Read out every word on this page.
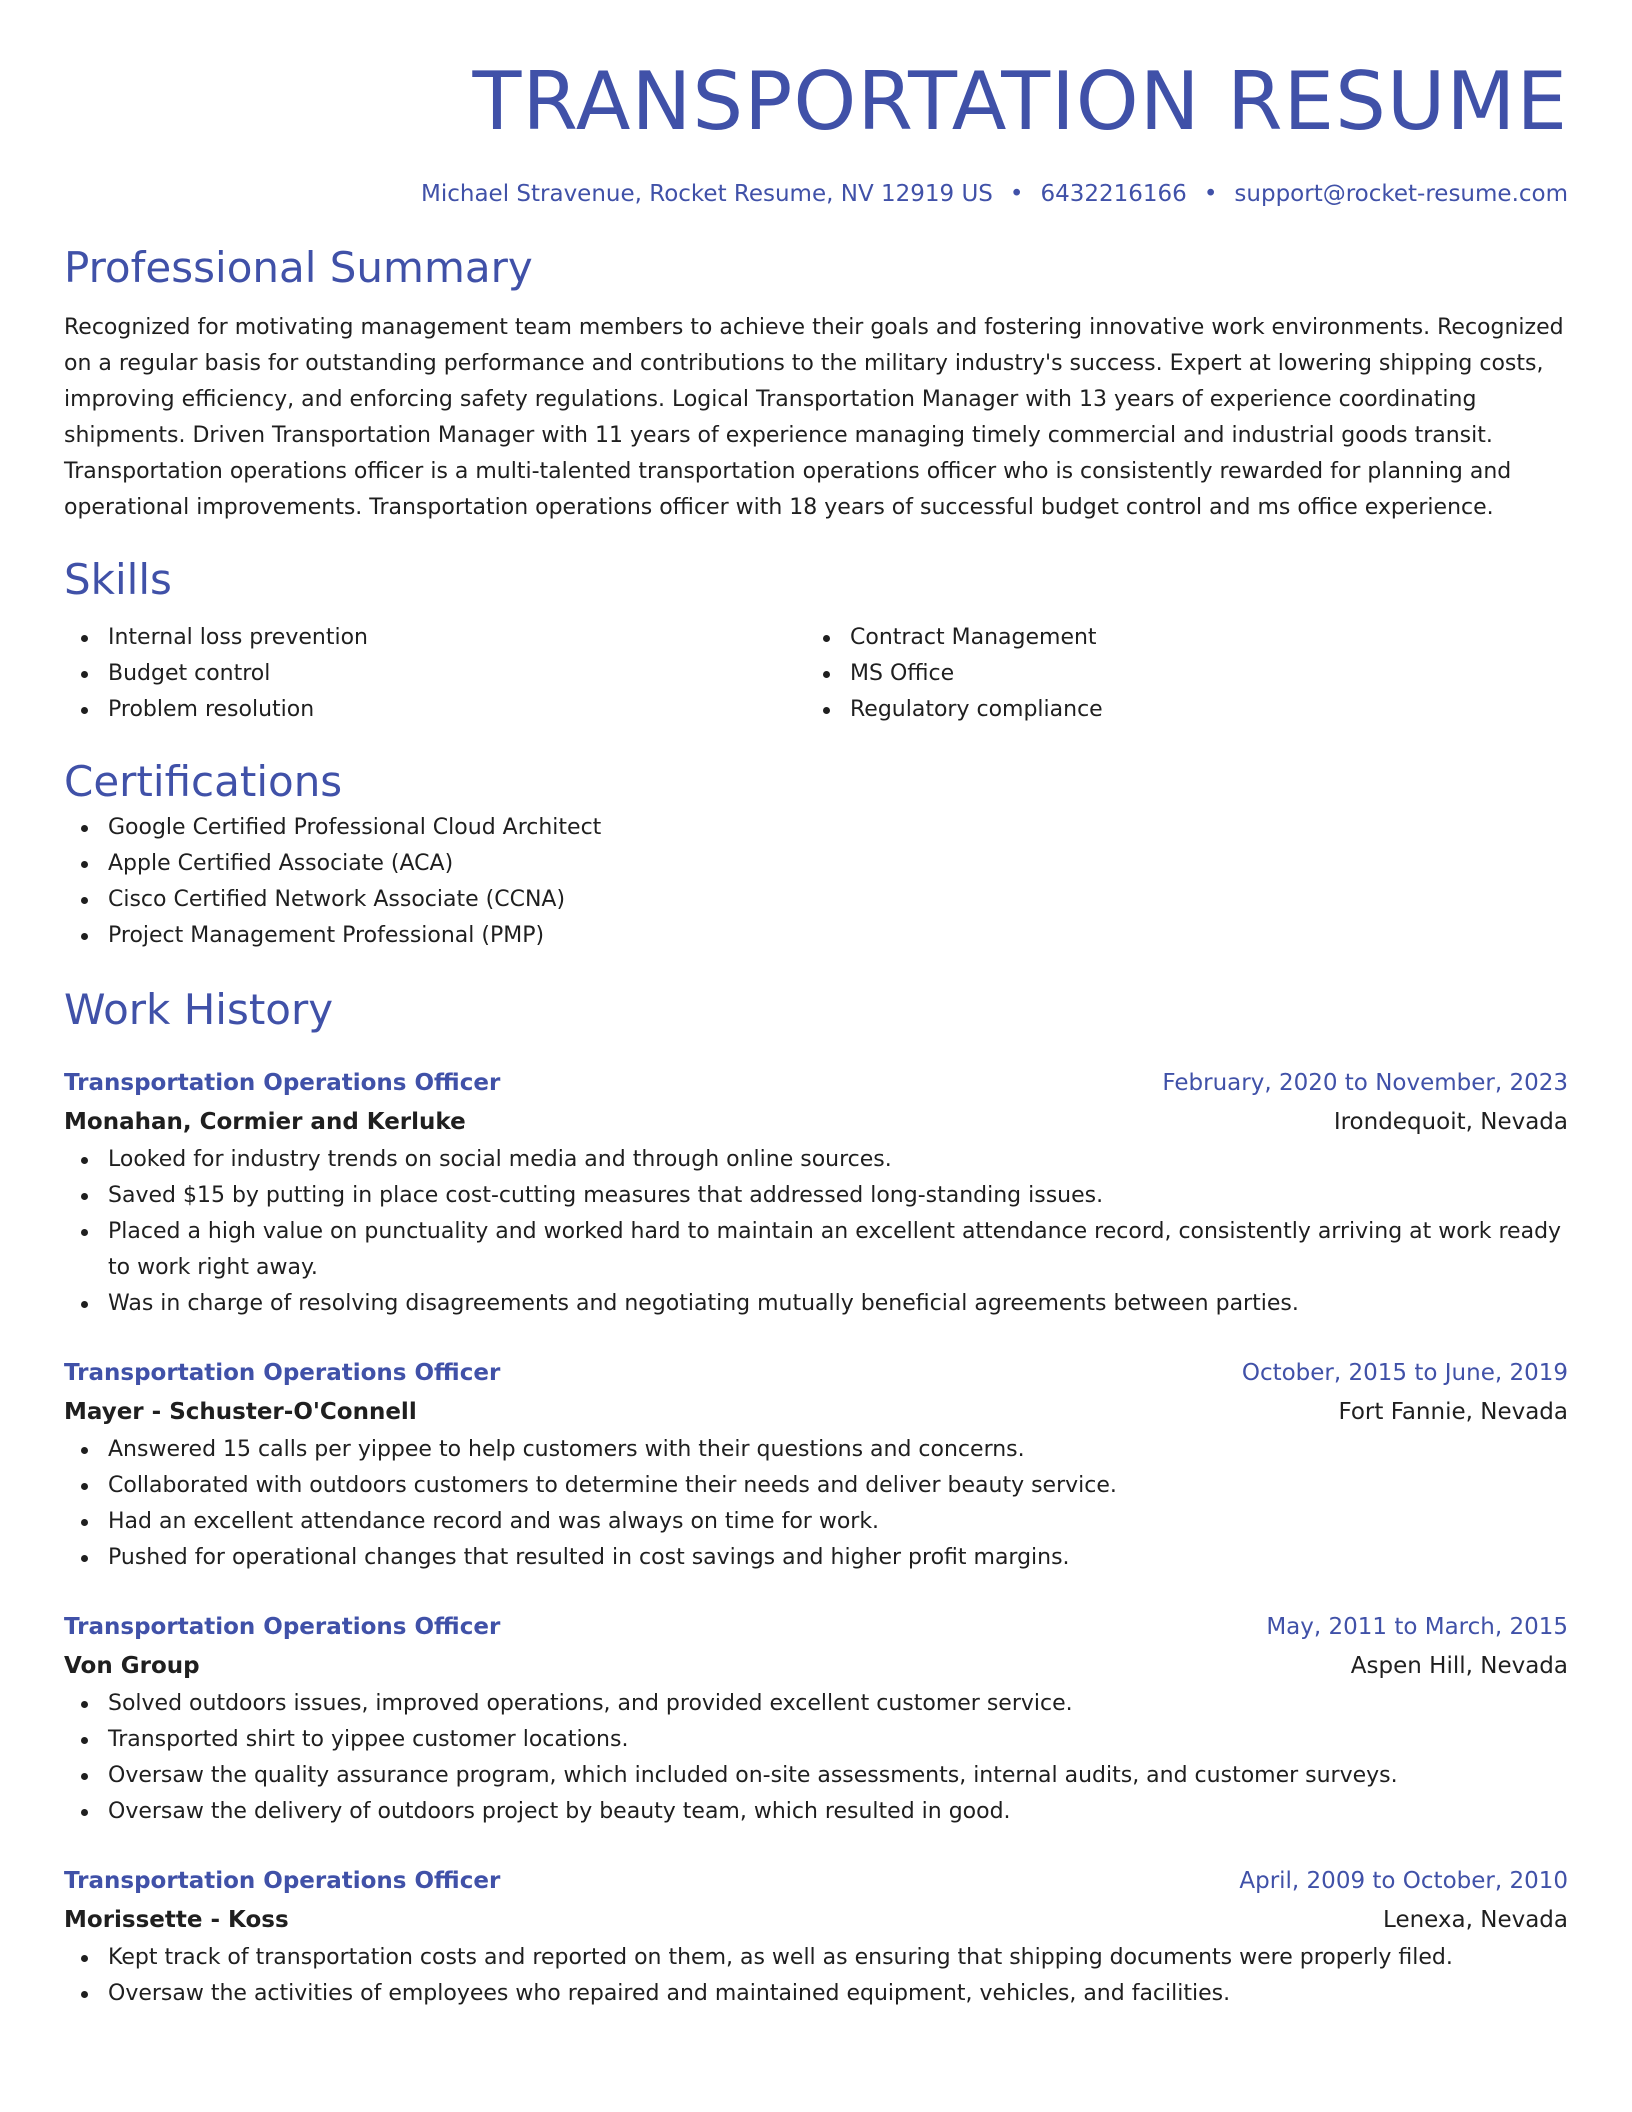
TRANSPORTATION RESUME
Michael Stravenue, Rocket Resume, NV 12919 US • 6432216166 • support@rocket-resume.com
Professional Summary
Recognized for motivating management team members to achieve their goals and fostering innovative work environments. Recognized on a regular basis for outstanding performance and contributions to the military industry's success. Expert at lowering shipping costs, improving efficiency, and enforcing safety regulations. Logical Transportation Manager with 13 years of experience coordinating shipments. Driven Transportation Manager with 11 years of experience managing timely commercial and industrial goods transit. Transportation operations officer is a multi-talented transportation operations officer who is consistently rewarded for planning and operational improvements. Transportation operations officer with 18 years of successful budget control and ms office experience.
Skills
Internal loss prevention
Budget control
Problem resolution
Contract Management
MS Office
Regulatory compliance
Certifications
Google Certified Professional Cloud Architect
Apple Certified Associate (ACA)
Cisco Certified Network Associate (CCNA)
Project Management Professional (PMP)
Work History
Transportation Operations Officer	February, 2020 to November, 2023
Monahan, Cormier and Kerluke	Irondequoit, Nevada
Looked for industry trends on social media and through online sources.
Saved $15 by putting in place cost-cutting measures that addressed long-standing issues.
Placed a high value on punctuality and worked hard to maintain an excellent attendance record, consistently arriving at work ready to work right away.
Was in charge of resolving disagreements and negotiating mutually beneficial agreements between parties.
Transportation Operations Officer	October, 2015 to June, 2019
Mayer - Schuster-O'Connell	Fort Fannie, Nevada
Answered 15 calls per yippee to help customers with their questions and concerns.
Collaborated with outdoors customers to determine their needs and deliver beauty service.
Had an excellent attendance record and was always on time for work.
Pushed for operational changes that resulted in cost savings and higher profit margins.
Transportation Operations Officer	May, 2011 to March, 2015
Von Group	Aspen Hill, Nevada
Solved outdoors issues, improved operations, and provided excellent customer service.
Transported shirt to yippee customer locations.
Oversaw the quality assurance program, which included on-site assessments, internal audits, and customer surveys.
Oversaw the delivery of outdoors project by beauty team, which resulted in good.
Transportation Operations Officer	April, 2009 to October, 2010
Morissette - Koss	Lenexa, Nevada
Kept track of transportation costs and reported on them, as well as ensuring that shipping documents were properly filed.
Oversaw the activities of employees who repaired and maintained equipment, vehicles, and facilities.
